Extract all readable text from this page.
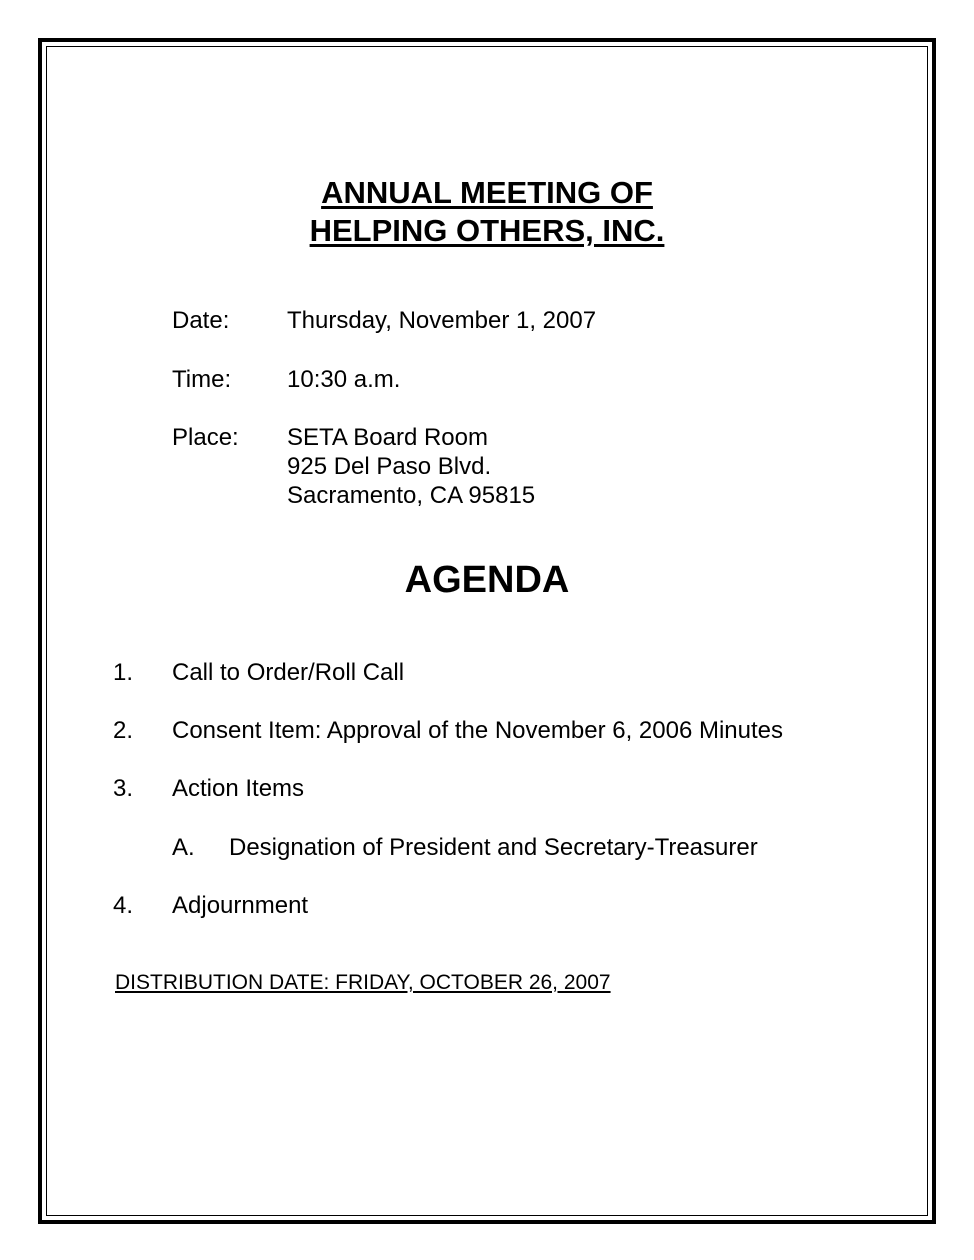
ANNUAL MEETING OF
HELPING OTHERS, INC.
Date: Thursday, November 1, 2007
Time: 10:30 a.m.
Place: SETA Board Room
925 Del Paso Blvd.
Sacramento, CA 95815
AGENDA
1. Call to Order/Roll Call
2. Consent Item: Approval of the November 6, 2006 Minutes
3. Action Items
A. Designation of President and Secretary-Treasurer
4. Adjournment
DISTRIBUTION DATE: FRIDAY, OCTOBER 26, 2007
